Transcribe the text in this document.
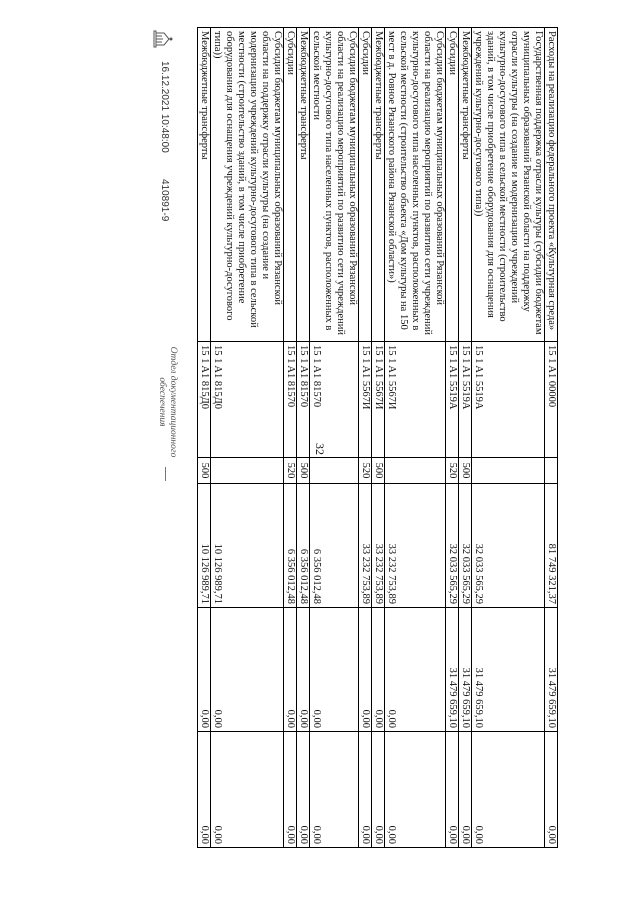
32
Расходы на реализацию федерального проекта «Культурная среда»	15 1 A1 00000		81 749 321,37	31 479 659,10	0,00
Государственная поддержка отрасли культуры (субсидии бюджетам муниципальных образований Рязанской области на поддержку отрасли культуры (на создание и модернизацию учреждений культурно-досугового типа в сельской местности (строительство зданий, в том числе приобретение оборудования для оснащения учреждений культурно-досугового типа))	15 1 A1 5519A		32 033 565,29	31 479 659,10	0,00
Межбюджетные трансферты	15 1 A1 5519A	500	32 033 565,29	31 479 659,10	0,00
Субсидии	15 1 A1 5519A	520	32 033 565,29	31 479 659,10	0,00
Субсидии бюджетам муниципальных образований Рязанской области на реализацию мероприятий по развитию сети учреждений культурно-досугового типа населенных пунктов, расположенных в сельской местности (строительство объекта «Дом культуры на 150 мест в д. Ровное Рязанского района Рязанской области»)	15 1 A1 5567И		33 232 753,89	0,00	0,00
Межбюджетные трансферты	15 1 A1 5567И	500	33 232 753,89	0,00	0,00
Субсидии	15 1 A1 5567И	520	33 232 753,89	0,00	0,00
Субсидии бюджетам муниципальных образований Рязанской области на реализацию мероприятий по развитию сети учреждений культурно-досугового типа населенных пунктов, расположенных в сельской местности	15 1 A1 81570		6 356 012,48	0,00	0,00
Межбюджетные трансферты	15 1 A1 81570	500	6 356 012,48	0,00	0,00
Субсидии	15 1 A1 81570	520	6 356 012,48	0,00	0,00
Субсидии бюджетам муниципальных образований Рязанской области на поддержку отрасли культуры (на создание и модернизацию учреждений культурно-досугового типа в сельской местности (строительство зданий, в том числе приобретение оборудования для оснащения учреждений культурно-досугового типа))	15 1 A1 815Д0		10 126 989,71	0,00	0,00
Межбюджетные трансферты	15 1 A1 815Д0	500	10 126 989,71	0,00	0,00
16.12.2021 10:48:00
410891-9
Отдел документационного обеспечения
